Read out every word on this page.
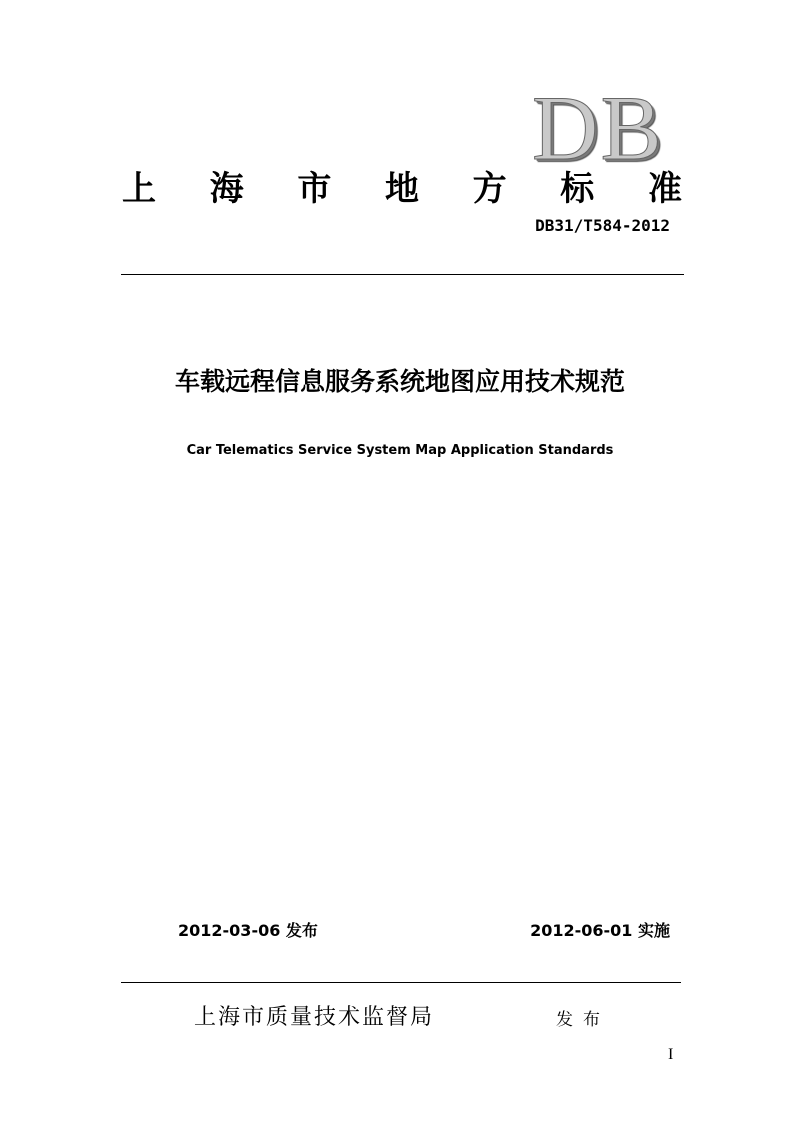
DB
上 海 市 地 方 标 准
DB31/T584-2012
车载远程信息服务系统地图应用技术规范
Car Telematics Service System Map Application Standards
2012-03-06 发布	2012-06-01 实施
上海市质量技术监督局	发布
I
